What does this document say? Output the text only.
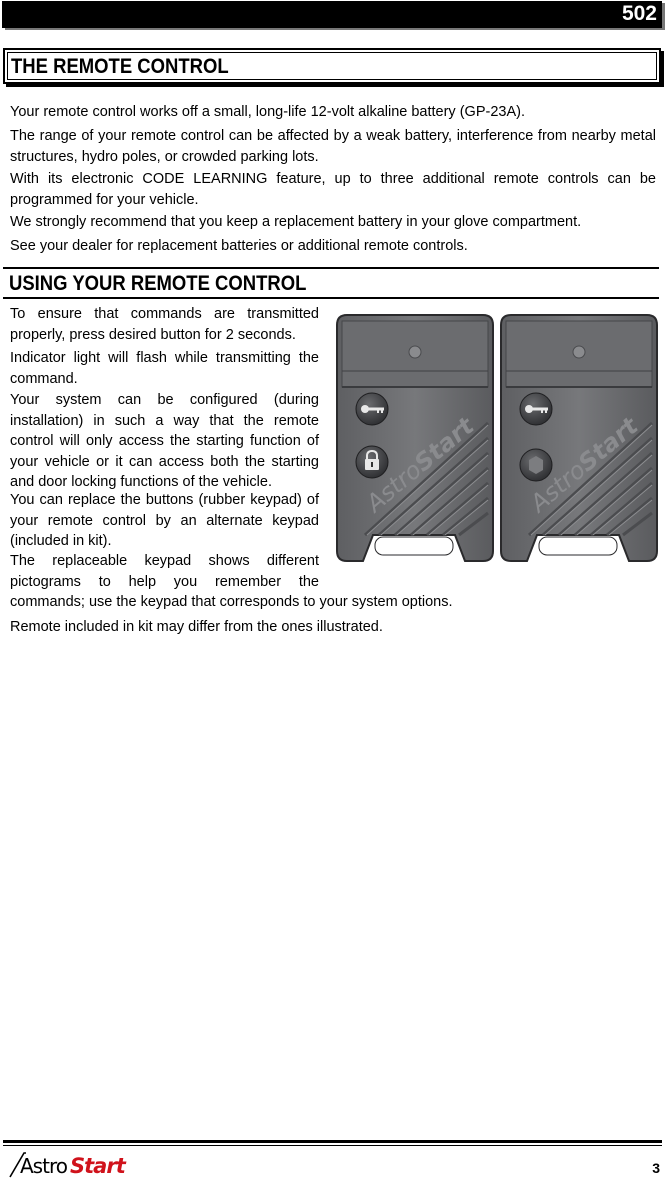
502
THE REMOTE CONTROL

Your remote control works off a small, long-life 12-volt alkaline battery (GP-23A).

The range of your remote control can be affected by a weak battery, interference from nearby metal structures, hydro poles, or crowded parking lots.

With its electronic CODE LEARNING feature, up to three additional remote controls can be programmed for your vehicle.

We strongly recommend that you keep a replacement battery in your glove compartment.

See your dealer for replacement batteries or additional remote controls.

USING YOUR REMOTE CONTROL

To ensure that commands are transmitted properly, press desired button for 2 seconds.

Indicator light will flash while transmitting the command.

Your system can be configured (during installation) in such a way that the remote control will only access the starting function of your vehicle or it can access both the starting and door locking functions of the vehicle.

You can replace the buttons (rubber keypad) of your remote control by an alternate keypad (included in kit).

The replaceable keypad shows different pictograms to help you remember the commands; use the keypad that corresponds to your system options.

Remote included in kit may differ from the ones illustrated.

Astro Start	3
